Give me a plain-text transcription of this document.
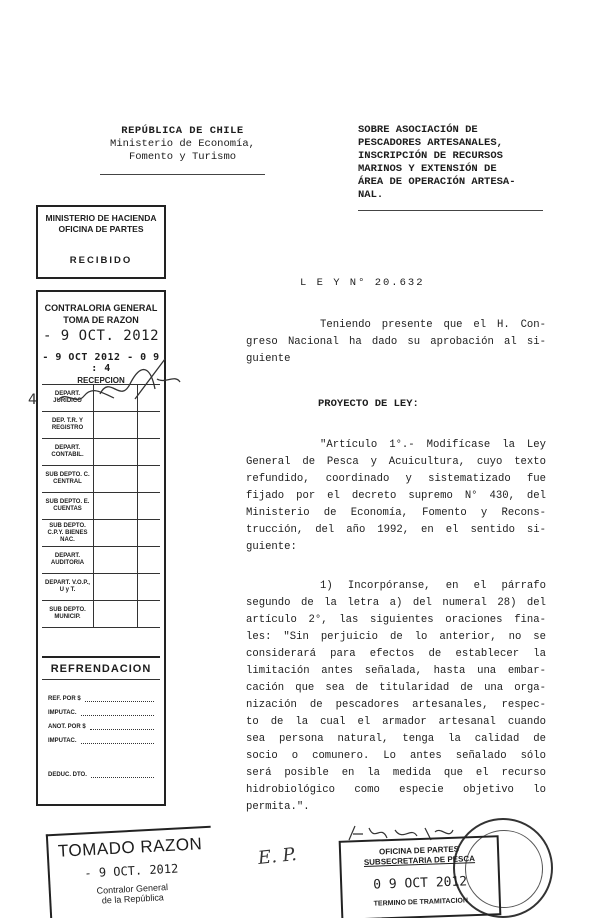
REPÚBLICA DE CHILE
Ministerio de Economía,
Fomento y Turismo
SOBRE ASOCIACIÓN DE
PESCADORES ARTESANALES,
INSCRIPCIÓN DE RECURSOS
MARINOS Y EXTENSIÓN DE
ÁREA DE OPERACIÓN ARTESA-
NAL.
MINISTERIO DE HACIENDA
OFICINA DE PARTES
RECIBIDO
CONTRALORIA GENERAL
TOMA DE RAZON
- 9 OCT. 2012
- 9 OCT 2012 - 0 9 : 4
RECEPCION
DEPART. JURIDICO
DEP. T.R. Y REGISTRO
DEPART. CONTABIL.
SUB DEPTO. C. CENTRAL
SUB DEPTO. E. CUENTAS
SUB DEPTO. C.P.Y. BIENES NAC.
DEPART. AUDITORIA
DEPART. V.O.P., U y T.
SUB DEPTO. MUNICIP.
REFRENDACION
REF. POR $
IMPUTAC.
ANOT. POR $
IMPUTAC.
DEDUC. DTO.
4
L E Y N° 20.632
Teniendo presente que el H. Con-
greso Nacional ha dado su aprobación al si-
guiente
PROYECTO DE LEY:
"Artículo 1°.- Modifícase la Ley
General de Pesca y Acuicultura, cuyo texto
refundido, coordinado y sistematizado fue
fijado por el decreto supremo N° 430, del
Ministerio de Economía, Fomento y Recons-
trucción, del año 1992, en el sentido si-
guiente:
1) Incorpóranse, en el párrafo
segundo de la letra a) del numeral 28) del
artículo 2°, las siguientes oraciones fina-
les: "Sin perjuicio de lo anterior, no se
considerará para efectos de establecer la
limitación antes señalada, hasta una embar-
cación que sea de titularidad de una orga-
nización de pescadores artesanales, respec-
to de la cual el armador artesanal cuando
sea persona natural, tenga la calidad de
socio o comunero. Lo antes señalado sólo
será posible en la medida que el recurso
hidrobiológico como especie objetivo lo
permita.".
TOMADO RAZON
- 9 OCT. 2012
Contralor General
de la República
E. P.	OFICINA DE PARTES
SUBSECRETARIA DE PESCA
0 9 OCT 2012
TERMINO DE TRAMITACION
